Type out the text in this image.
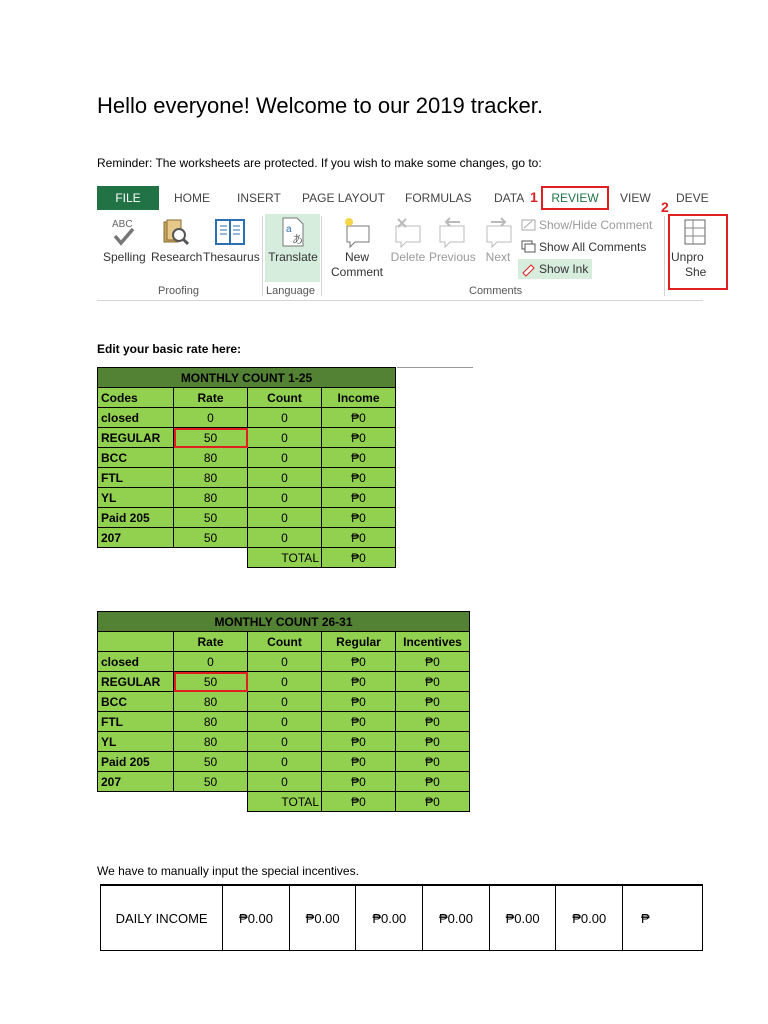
Hello everyone! Welcome to our 2019 tracker.
Reminder: The worksheets are protected. If you wish to make some changes, go to:
FILE	HOME INSERT PAGE LAYOUT FORMULAS DATA 1	REVIEW	VIEW
2
DEVE
ABC
Spelling Research Thesaurus
Proofing
a
あ
Translate
Language
New
Comment
Delete Previous Next
Show/Hide Comment
Show All Comments
Show Ink
Comments
Unpro
She
Edit your basic rate here:
MONTHLY COUNT 1-25			
Codes	Rate	Count	Income
closed	0	0	₱0
REGULAR	50	0	₱0
BCC	80	0	₱0
FTL	80	0	₱0
YL	80	0	₱0
Paid 205	50	0	₱0
207	50	0	₱0
		TOTAL	₱0
MONTHLY COUNT 26-31				
	Rate	Count	Regular	Incentives
closed	0	0	₱0	₱0
REGULAR	50	0	₱0	₱0
BCC	80	0	₱0	₱0
FTL	80	0	₱0	₱0
YL	80	0	₱0	₱0
Paid 205	50	0	₱0	₱0
207	50	0	₱0	₱0
		TOTAL	₱0	₱0
We have to manually input the special incentives.
DAILY INCOME	₱0.00	₱0.00	₱0.00	₱0.00	₱0.00	₱0.00	₱
